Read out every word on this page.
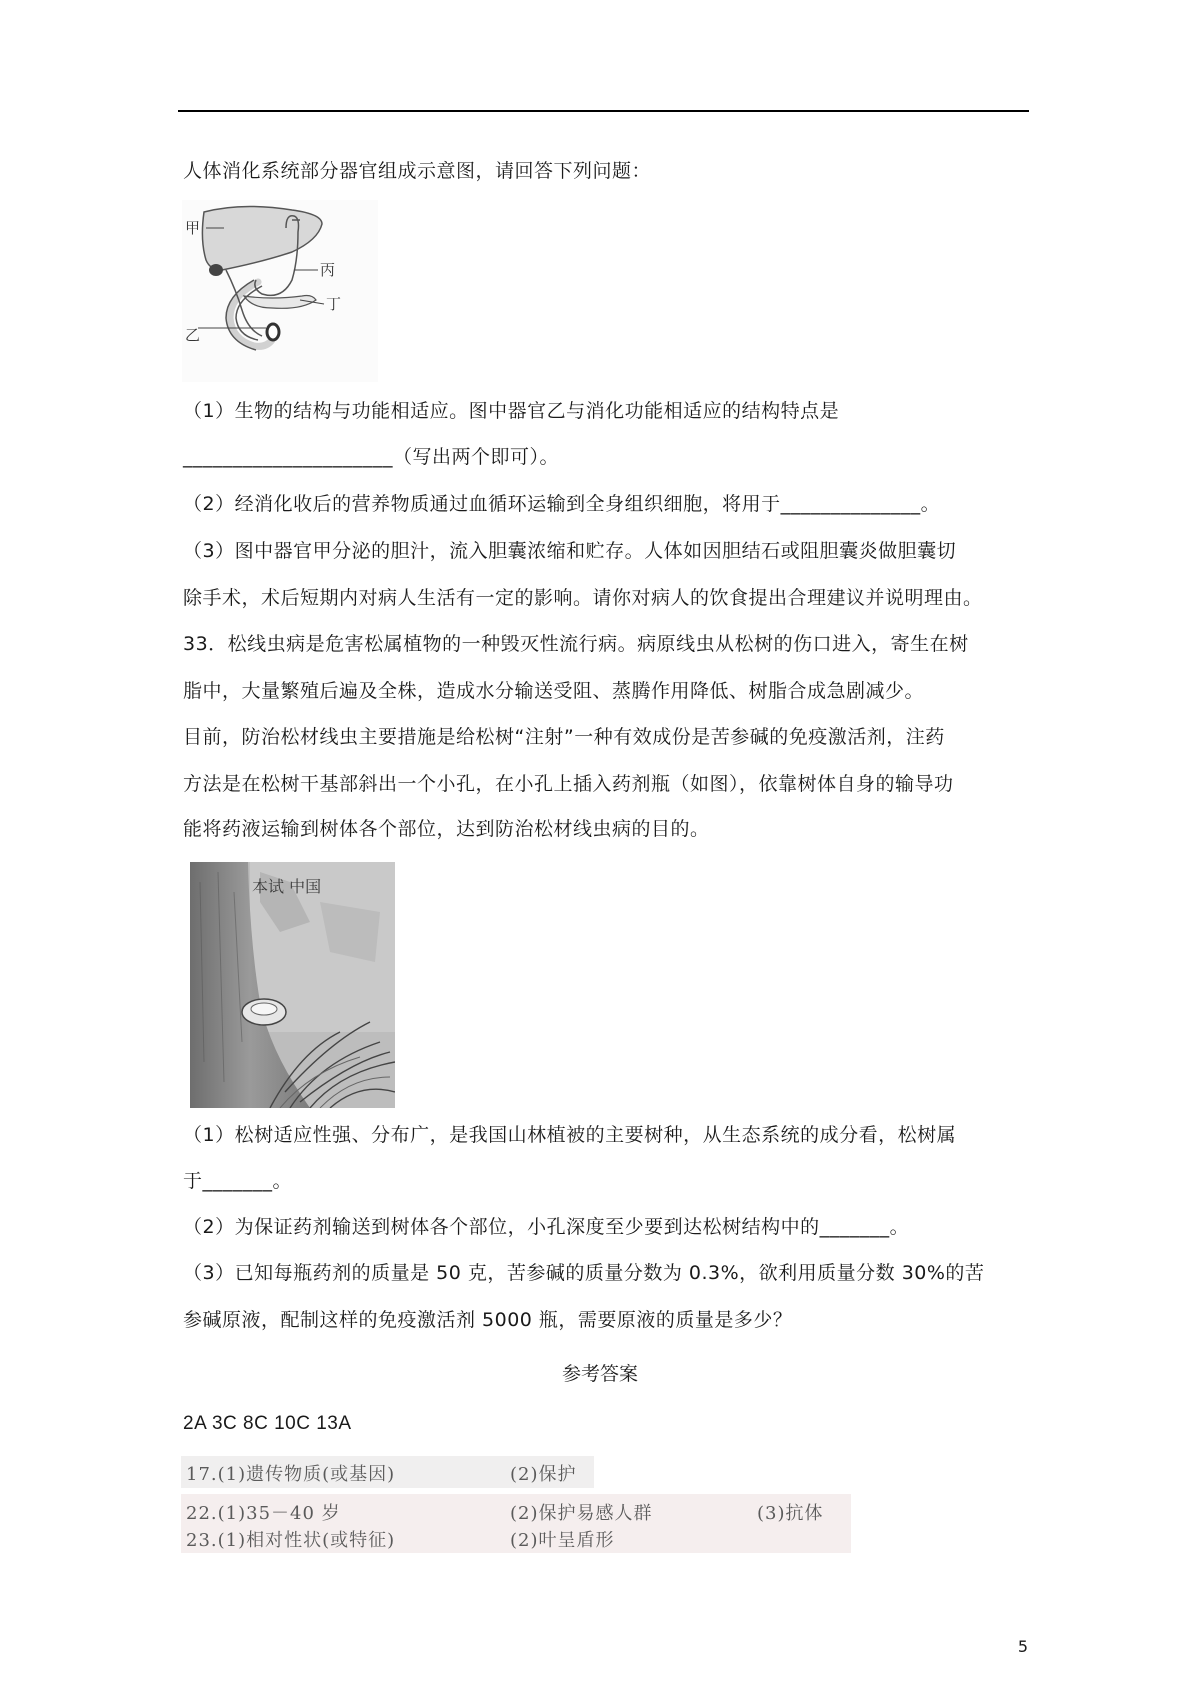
人体消化系统部分器官组成示意图，请回答下列问题：
甲
丙
丁
乙
（1）生物的结构与功能相适应。图中器官乙与消化功能相适应的结构特点是
_____________________（写出两个即可）。
（2）经消化收后的营养物质通过血循环运输到全身组织细胞，将用于______________。
（3）图中器官甲分泌的胆汁，流入胆囊浓缩和贮存。人体如因胆结石或阻胆囊炎做胆囊切
除手术，术后短期内对病人生活有一定的影响。请你对病人的饮食提出合理建议并说明理由。
33．松线虫病是危害松属植物的一种毁灭性流行病。病原线虫从松树的伤口进入，寄生在树
脂中，大量繁殖后遍及全株，造成水分输送受阻、蒸腾作用降低、树脂合成急剧减少。
目前，防治松材线虫主要措施是给松树“注射”一种有效成份是苦参碱的免疫激活剂，注药
方法是在松树干基部斜出一个小孔，在小孔上插入药剂瓶（如图），依靠树体自身的输导功
能将药液运输到树体各个部位，达到防治松材线虫病的目的。
本试 中国
（1）松树适应性强、分布广，是我国山林植被的主要树种，从生态系统的成分看，松树属
于_______。
（2）为保证药剂输送到树体各个部位，小孔深度至少要到达松树结构中的_______。
（3）已知每瓶药剂的质量是 50 克，苦参碱的质量分数为 0.3%，欲利用质量分数 30%的苦
参碱原液，配制这样的免疫激活剂 5000 瓶，需要原液的质量是多少？
参考答案
2A 3C 8C 10C 13A
17.(1)遗传物质(或基因)	(2)保护
22.(1)35－40 岁	(2)保护易感人群	(3)抗体
23.(1)相对性状(或特征)	(2)叶呈盾形
5
